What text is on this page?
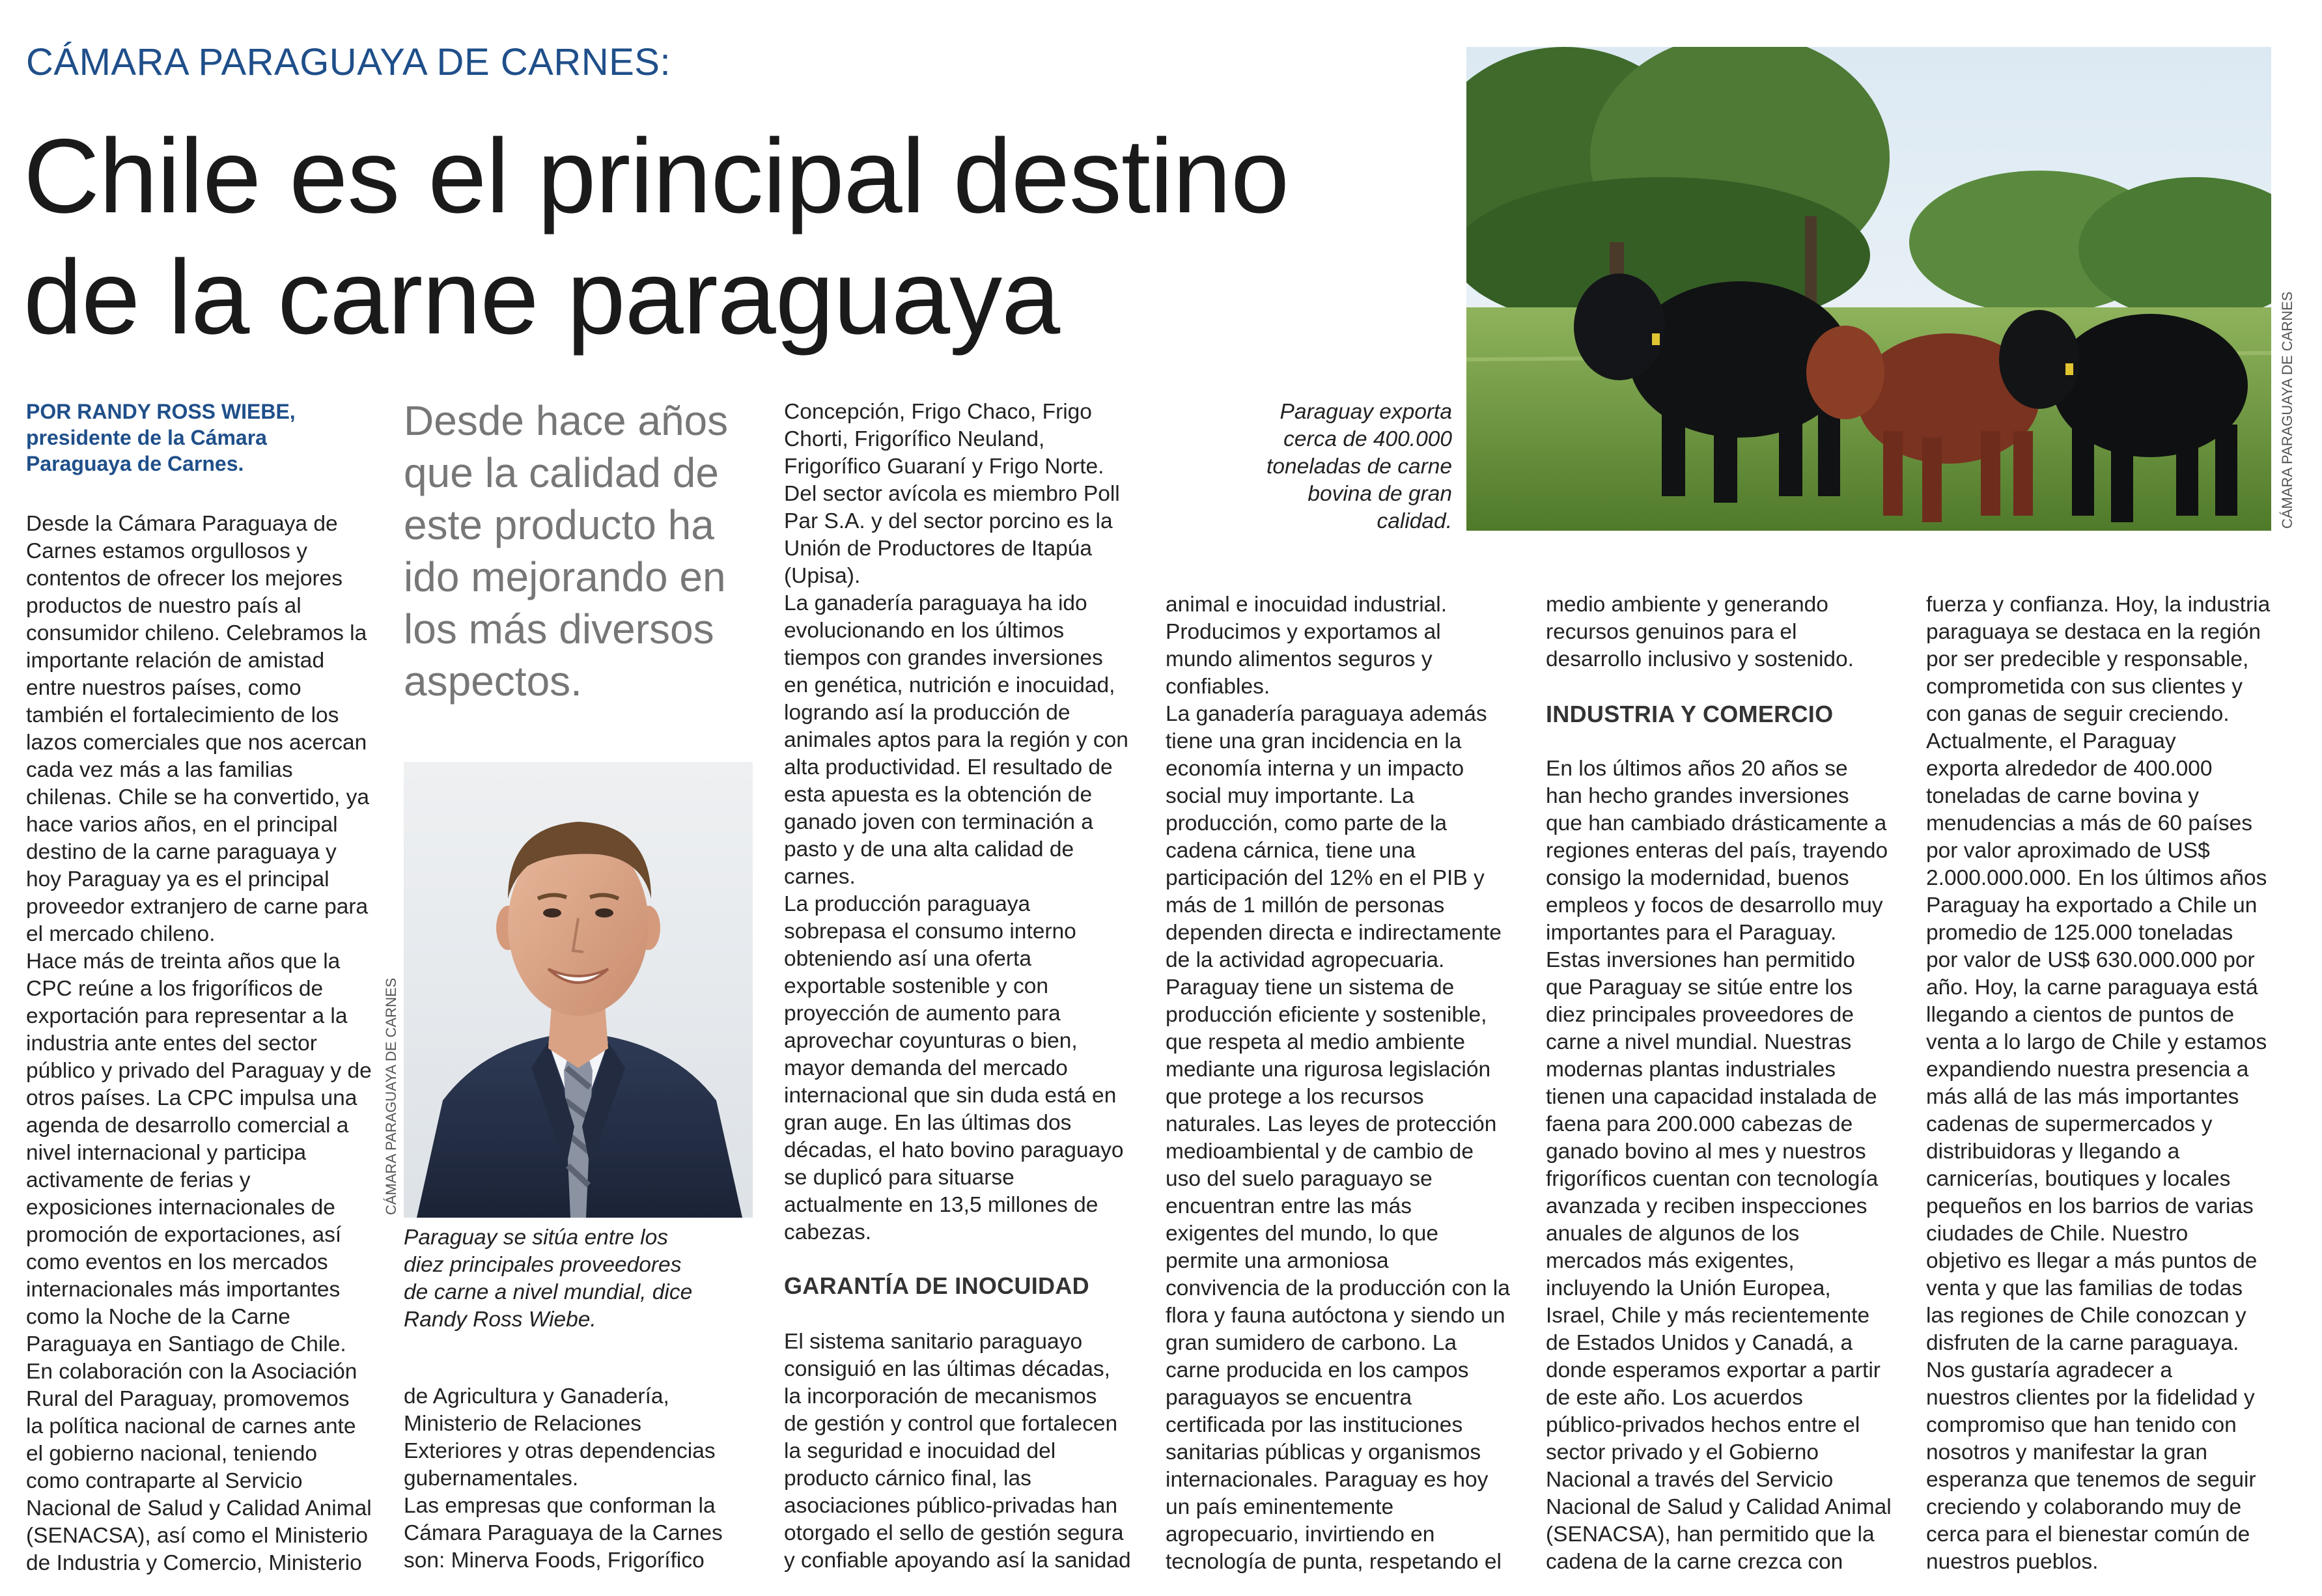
CÁMARA PARAGUAYA DE CARNES:
Chile es el principal destino
de la carne paraguaya
POR RANDY ROSS WIEBE,
presidente de la Cámara
Paraguaya de Carnes.
Desde la Cámara Paraguaya de
Carnes estamos orgullosos y
contentos de ofrecer los mejores
productos de nuestro país al
consumidor chileno. Celebramos la
importante relación de amistad
entre nuestros países, como
también el fortalecimiento de los
lazos comerciales que nos acercan
cada vez más a las familias
chilenas. Chile se ha convertido, ya
hace varios años, en el principal
destino de la carne paraguaya y
hoy Paraguay ya es el principal
proveedor extranjero de carne para
el mercado chileno.
Hace más de treinta años que la
CPC reúne a los frigoríficos de
exportación para representar a la
industria ante entes del sector
público y privado del Paraguay y de
otros países. La CPC impulsa una
agenda de desarrollo comercial a
nivel internacional y participa
activamente de ferias y
exposiciones internacionales de
promoción de exportaciones, así
como eventos en los mercados
internacionales más importantes
como la Noche de la Carne
Paraguaya en Santiago de Chile.
En colaboración con la Asociación
Rural del Paraguay, promovemos
la política nacional de carnes ante
el gobierno nacional, teniendo
como contraparte al Servicio
Nacional de Salud y Calidad Animal
(SENACSA), así como el Ministerio
de Industria y Comercio, Ministerio
Desde hace años
que la calidad de
este producto ha
ido mejorando en
los más diversos
aspectos.
CÁMARA PARAGUAYA DE CARNES
Paraguay se sitúa entre los
diez principales proveedores
de carne a nivel mundial, dice
Randy Ross Wiebe.
de Agricultura y Ganadería,
Ministerio de Relaciones
Exteriores y otras dependencias
gubernamentales.
Las empresas que conforman la
Cámara Paraguaya de la Carnes
son: Minerva Foods, Frigorífico
Concepción, Frigo Chaco, Frigo
Chorti, Frigorífico Neuland,
Frigorífico Guaraní y Frigo Norte.
Del sector avícola es miembro Poll
Par S.A. y del sector porcino es la
Unión de Productores de Itapúa
(Upisa).
La ganadería paraguaya ha ido
evolucionando en los últimos
tiempos con grandes inversiones
en genética, nutrición e inocuidad,
logrando así la producción de
animales aptos para la región y con
alta productividad. El resultado de
esta apuesta es la obtención de
ganado joven con terminación a
pasto y de una alta calidad de
carnes.
La producción paraguaya
sobrepasa el consumo interno
obteniendo así una oferta
exportable sostenible y con
proyección de aumento para
aprovechar coyunturas o bien,
mayor demanda del mercado
internacional que sin duda está en
gran auge. En las últimas dos
décadas, el hato bovino paraguayo
se duplicó para situarse
actualmente en 13,5 millones de
cabezas.
GARANTÍA DE INOCUIDAD
El sistema sanitario paraguayo
consiguió en las últimas décadas,
la incorporación de mecanismos
de gestión y control que fortalecen
la seguridad e inocuidad del
producto cárnico final, las
asociaciones público-privadas han
otorgado el sello de gestión segura
y confiable apoyando así la sanidad
Paraguay exporta
cerca de 400.000
toneladas de carne
bovina de gran
calidad.	CÁMARA PARAGUAYA DE CARNES
animal e inocuidad industrial.
Producimos y exportamos al
mundo alimentos seguros y
confiables.
La ganadería paraguaya además
tiene una gran incidencia en la
economía interna y un impacto
social muy importante. La
producción, como parte de la
cadena cárnica, tiene una
participación del 12% en el PIB y
más de 1 millón de personas
dependen directa e indirectamente
de la actividad agropecuaria.
Paraguay tiene un sistema de
producción eficiente y sostenible,
que respeta al medio ambiente
mediante una rigurosa legislación
que protege a los recursos
naturales. Las leyes de protección
medioambiental y de cambio de
uso del suelo paraguayo se
encuentran entre las más
exigentes del mundo, lo que
permite una armoniosa
convivencia de la producción con la
flora y fauna autóctona y siendo un
gran sumidero de carbono. La
carne producida en los campos
paraguayos se encuentra
certificada por las instituciones
sanitarias públicas y organismos
internacionales. Paraguay es hoy
un país eminentemente
agropecuario, invirtiendo en
tecnología de punta, respetando el
medio ambiente y generando
recursos genuinos para el
desarrollo inclusivo y sostenido.
INDUSTRIA Y COMERCIO
En los últimos años 20 años se
han hecho grandes inversiones
que han cambiado drásticamente a
regiones enteras del país, trayendo
consigo la modernidad, buenos
empleos y focos de desarrollo muy
importantes para el Paraguay.
Estas inversiones han permitido
que Paraguay se sitúe entre los
diez principales proveedores de
carne a nivel mundial. Nuestras
modernas plantas industriales
tienen una capacidad instalada de
faena para 200.000 cabezas de
ganado bovino al mes y nuestros
frigoríficos cuentan con tecnología
avanzada y reciben inspecciones
anuales de algunos de los
mercados más exigentes,
incluyendo la Unión Europea,
Israel, Chile y más recientemente
de Estados Unidos y Canadá, a
donde esperamos exportar a partir
de este año. Los acuerdos
público-privados hechos entre el
sector privado y el Gobierno
Nacional a través del Servicio
Nacional de Salud y Calidad Animal
(SENACSA), han permitido que la
cadena de la carne crezca con
fuerza y confianza. Hoy, la industria
paraguaya se destaca en la región
por ser predecible y responsable,
comprometida con sus clientes y
con ganas de seguir creciendo.
Actualmente, el Paraguay
exporta alrededor de 400.000
toneladas de carne bovina y
menudencias a más de 60 países
por valor aproximado de US$
2.000.000.000. En los últimos años
Paraguay ha exportado a Chile un
promedio de 125.000 toneladas
por valor de US$ 630.000.000 por
año. Hoy, la carne paraguaya está
llegando a cientos de puntos de
venta a lo largo de Chile y estamos
expandiendo nuestra presencia a
más allá de las más importantes
cadenas de supermercados y
distribuidoras y llegando a
carnicerías, boutiques y locales
pequeños en los barrios de varias
ciudades de Chile. Nuestro
objetivo es llegar a más puntos de
venta y que las familias de todas
las regiones de Chile conozcan y
disfruten de la carne paraguaya.
Nos gustaría agradecer a
nuestros clientes por la fidelidad y
compromiso que han tenido con
nosotros y manifestar la gran
esperanza que tenemos de seguir
creciendo y colaborando muy de
cerca para el bienestar común de
nuestros pueblos.
